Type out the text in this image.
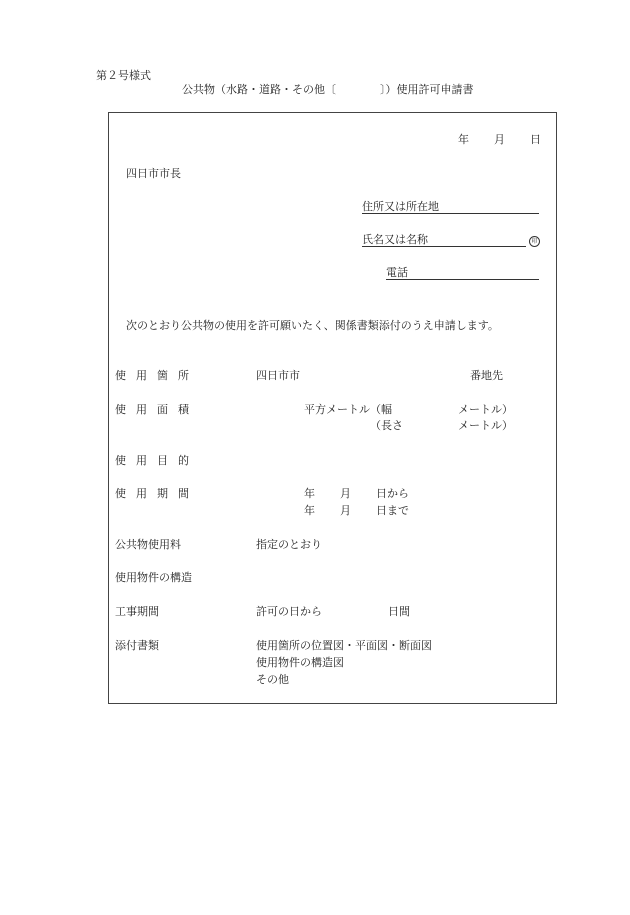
第２号様式
公共物（水路・道路・その他〔　　　　〕）使用許可申請書
年 月 日
四日市市長
住所又は所在地
氏名又は名称	印
電話
次のとおり公共物の使用を許可願いたく、関係書類添付のうえ申請します。
使用箇所	四日市市	番地先
使用面積	平方メートル （幅	メートル）
（長さ	メートル）
使用目的
使用期間	年 月 日から
年 月 日まで
公共物使用料	指定のとおり
使用物件の構造
工事期間	許可の日から	日間
添付書類	使用箇所の位置図・平面図・断面図
使用物件の構造図
その他
